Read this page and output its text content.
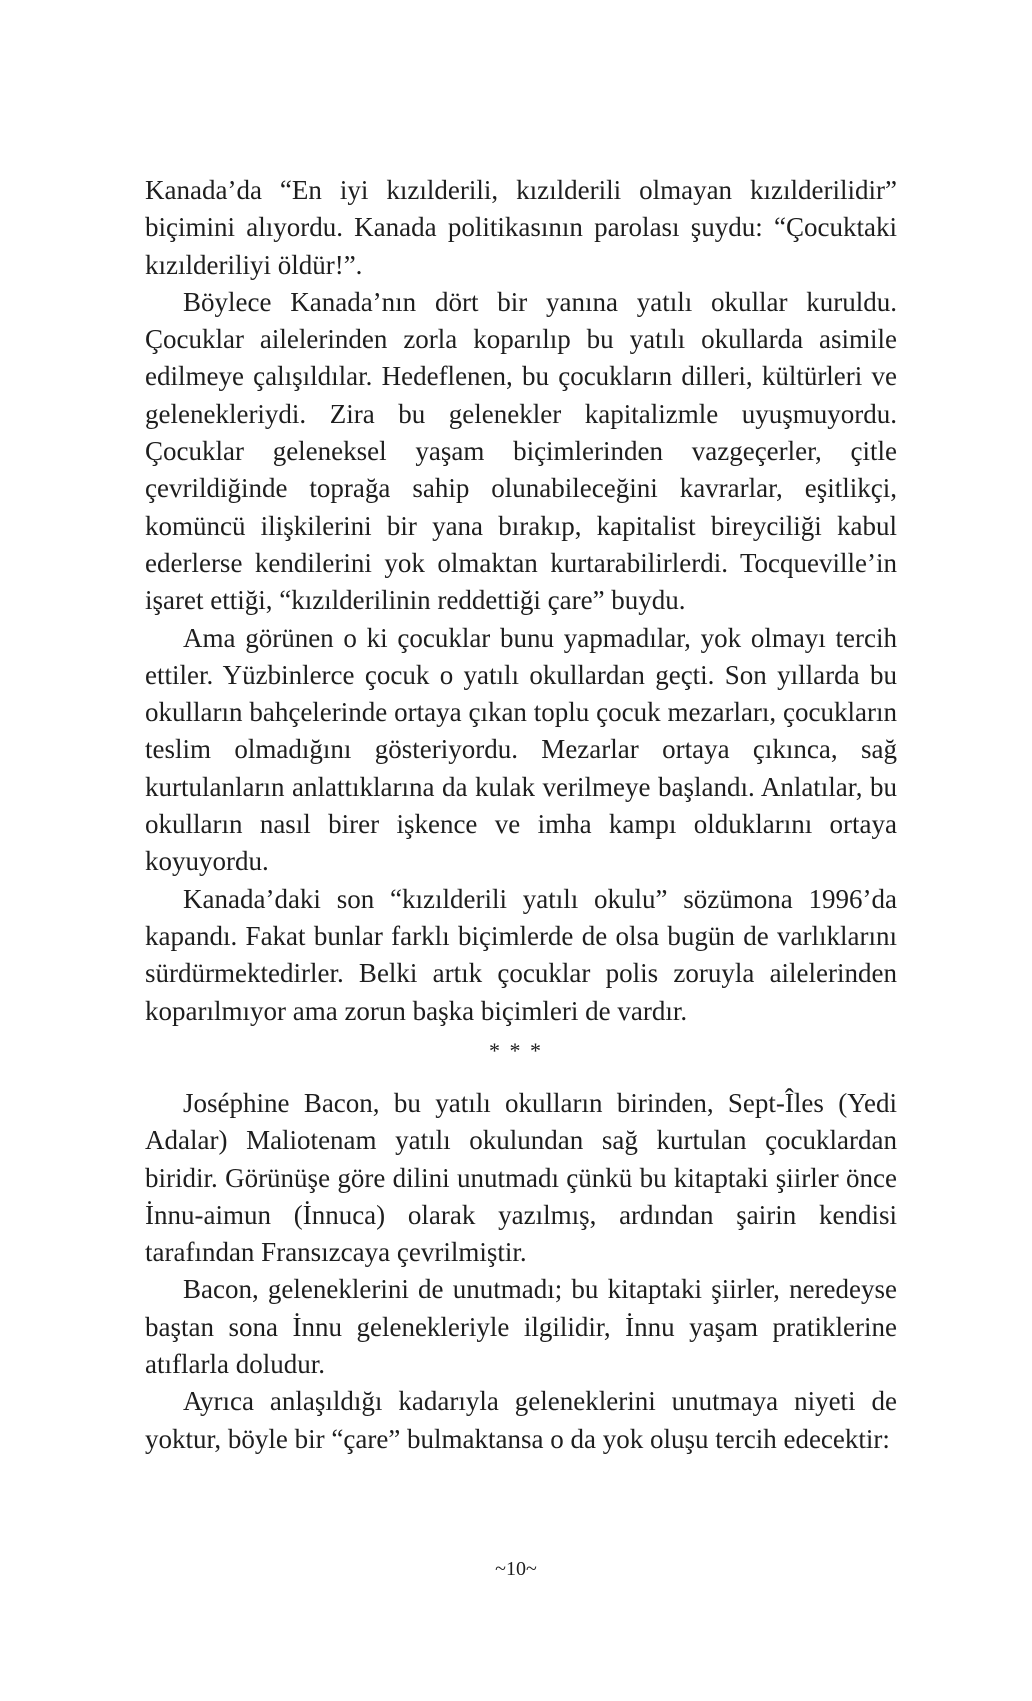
Kanada’da “En iyi kızılderili, kızılderili olmayan kızılderilidir” biçimini alıyordu. Kanada politikasının parolası şuydu: “Çocuktaki kızılderiliyi öldür!”.

Böylece Kanada’nın dört bir yanına yatılı okullar kuruldu. Çocuklar ailelerinden zorla koparılıp bu yatılı okullarda asimile edilmeye çalışıldılar. Hedeflenen, bu çocukların dilleri, kültürleri ve gelenekleriydi. Zira bu gelenekler kapitalizmle uyuşmuyordu. Çocuklar geleneksel yaşam biçimlerinden vazgeçerler, çitle çevrildiğinde toprağa sahip olunabileceğini kavrarlar, eşitlikçi, komüncü ilişkilerini bir yana bırakıp, kapitalist bireyciliği kabul ederlerse kendilerini yok olmaktan kurtarabilirlerdi. Tocqueville’in işaret ettiği, “kızılderilinin reddettiği çare” buydu.

Ama görünen o ki çocuklar bunu yapmadılar, yok olmayı tercih ettiler. Yüzbinlerce çocuk o yatılı okullardan geçti. Son yıllarda bu okulların bahçelerinde ortaya çıkan toplu çocuk mezarları, çocukların teslim olmadığını gösteriyordu. Mezarlar ortaya çıkınca, sağ kurtulanların anlattıklarına da kulak verilmeye başlandı. Anlatılar, bu okulların nasıl birer işkence ve imha kampı olduklarını ortaya koyuyordu.

Kanada’daki son “kızılderili yatılı okulu” sözümona 1996’da kapandı. Fakat bunlar farklı biçimlerde de olsa bugün de varlıklarını sürdürmektedirler. Belki artık çocuklar polis zoruyla ailelerinden koparılmıyor ama zorun başka biçimleri de vardır.

* * *

Joséphine Bacon, bu yatılı okulların birinden, Sept-Îles (Yedi Adalar) Maliotenam yatılı okulundan sağ kurtulan çocuklardan biridir. Görünüşe göre dilini unutmadı çünkü bu kitaptaki şiirler önce İnnu-aimun (İnnuca) olarak yazılmış, ardından şairin kendisi tarafından Fransızcaya çevrilmiştir.

Bacon, geleneklerini de unutmadı; bu kitaptaki şiirler, neredeyse baştan sona İnnu gelenekleriyle ilgilidir, İnnu yaşam pratiklerine atıflarla doludur.

Ayrıca anlaşıldığı kadarıyla geleneklerini unutmaya niyeti de yoktur, böyle bir “çare” bulmaktansa o da yok oluşu tercih edecektir:

~10~
